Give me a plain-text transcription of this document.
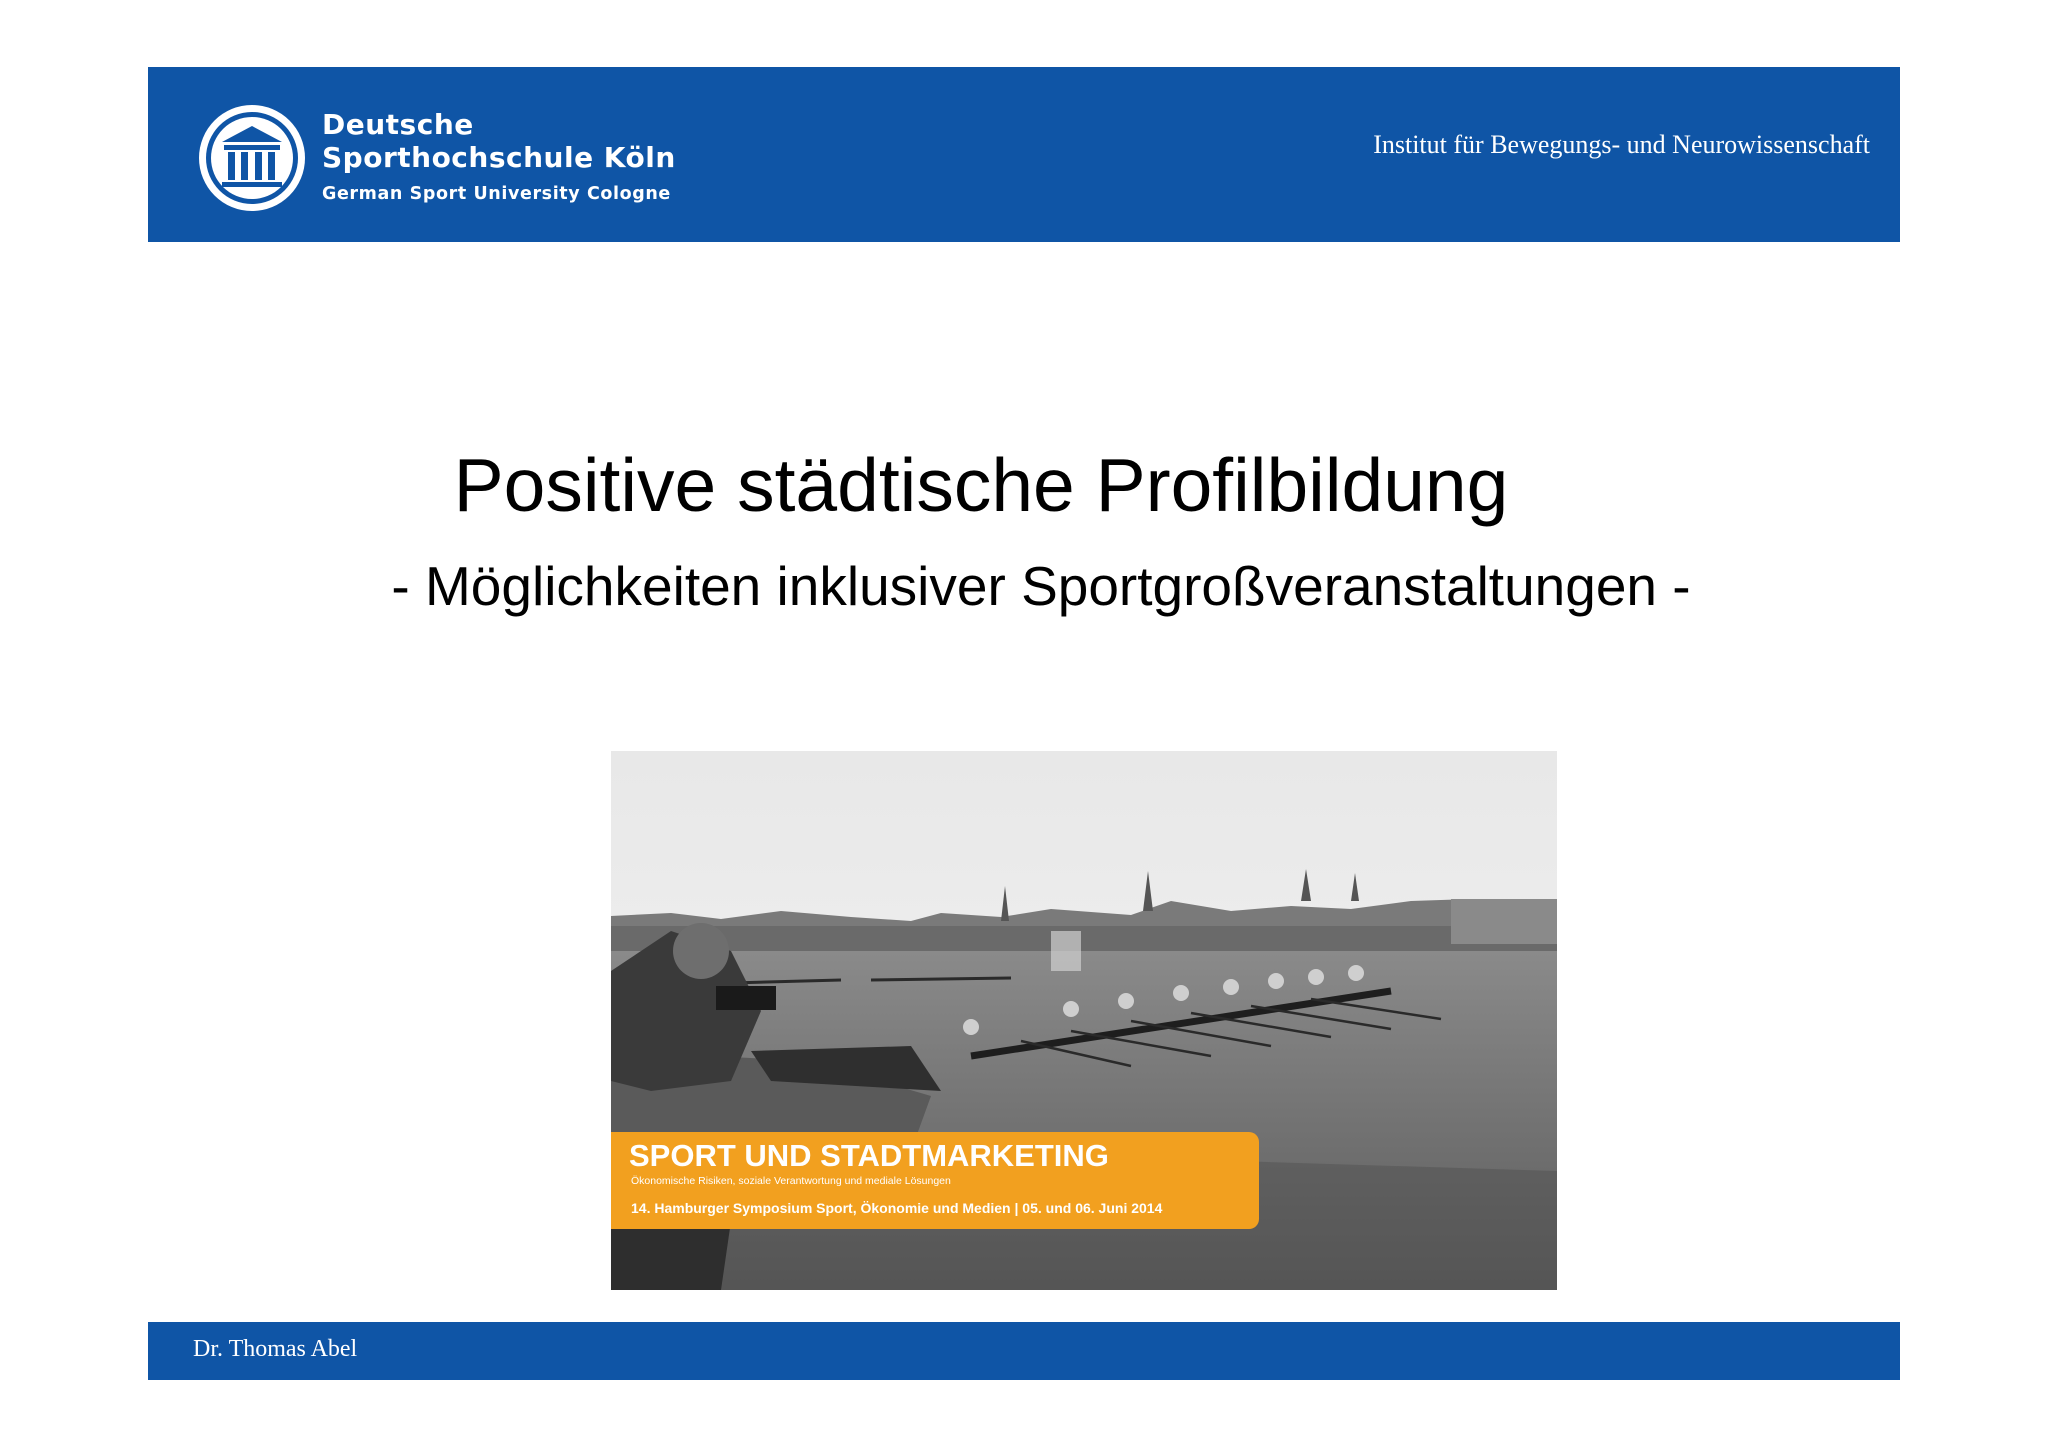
Deutsche
Sporthochschule Köln
German Sport University Cologne
Institut für Bewegungs- und Neurowissenschaft
Positive städtische Profilbildung
- Möglichkeiten inklusiver Sportgroßveranstaltungen -
SPORT UND STADTMARKETING
Ökonomische Risiken, soziale Verantwortung und mediale Lösungen
14. Hamburger Symposium Sport, Ökonomie und Medien | 05. und 06. Juni 2014
Dr. Thomas Abel
